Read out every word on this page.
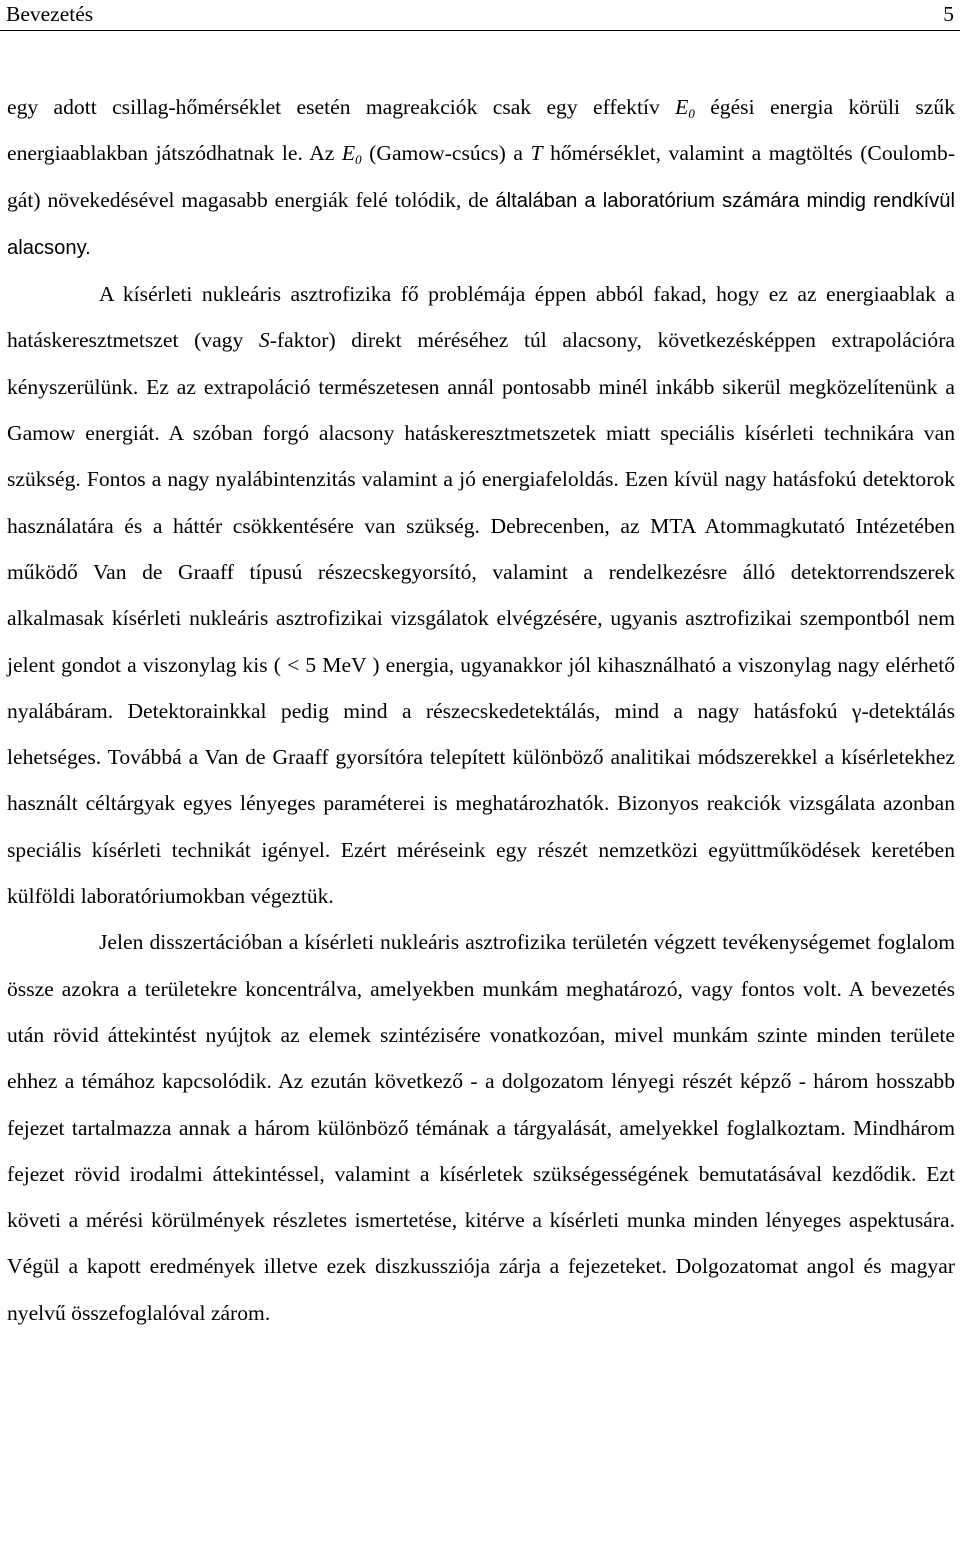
Bevezetés	5

egy adott csillag-hőmérséklet esetén magreakciók csak egy effektív $E_0$ égési energia körüli szűk energiaablakban játszódhatnak le. Az $E_0$ (Gamow-csúcs) a T hőmérséklet, valamint a magtöltés (Coulomb-gát) növekedésével magasabb energiák felé tolódik, de általában a laboratórium számára mindig rendkívül alacsony.

A kísérleti nukleáris asztrofizika fő problémája éppen abból fakad, hogy ez az energiaablak a hatáskeresztmetszet (vagy S-faktor) direkt méréséhez túl alacsony, következésképpen extrapolációra kényszerülünk. Ez az extrapoláció természetesen annál pontosabb minél inkább sikerül megközelítenünk a Gamow energiát. A szóban forgó alacsony hatáskeresztmetszetek miatt speciális kísérleti technikára van szükség. Fontos a nagy nyalábintenzitás valamint a jó energiafeloldás. Ezen kívül nagy hatásfokú detektorok használatára és a háttér csökkentésére van szükség. Debrecenben, az MTA Atommagkutató Intézetében működő Van de Graaff típusú részecskegyorsító, valamint a rendelkezésre álló detektorrendszerek alkalmasak kísérleti nukleáris asztrofizikai vizsgálatok elvégzésére, ugyanis asztrofizikai szempontból nem jelent gondot a viszonylag kis ( < 5 MeV ) energia, ugyanakkor jól kihasználható a viszonylag nagy elérhető nyalábáram. Detektorainkkal pedig mind a részecskedetektálás, mind a nagy hatásfokú γ-detektálás lehetséges. Továbbá a Van de Graaff gyorsítóra telepített különböző analitikai módszerekkel a kísérletekhez használt céltárgyak egyes lényeges paraméterei is meghatározhatók. Bizonyos reakciók vizsgálata azonban speciális kísérleti technikát igényel. Ezért méréseink egy részét nemzetközi együttműködések keretében külföldi laboratóriumokban végeztük.

Jelen disszertációban a kísérleti nukleáris asztrofizika területén végzett tevékenységemet foglalom össze azokra a területekre koncentrálva, amelyekben munkám meghatározó, vagy fontos volt. A bevezetés után rövid áttekintést nyújtok az elemek szintézisére vonatkozóan, mivel munkám szinte minden területe ehhez a témához kapcsolódik. Az ezután következő - a dolgozatom lényegi részét képző - három hosszabb fejezet tartalmazza annak a három különböző témának a tárgyalását, amelyekkel foglalkoztam. Mindhárom fejezet rövid irodalmi áttekintéssel, valamint a kísérletek szükségességének bemutatásával kezdődik. Ezt követi a mérési körülmények részletes ismertetése, kitérve a kísérleti munka minden lényeges aspektusára. Végül a kapott eredmények illetve ezek diszkussziója zárja a fejezeteket. Dolgozatomat angol és magyar nyelvű összefoglalóval zárom.
